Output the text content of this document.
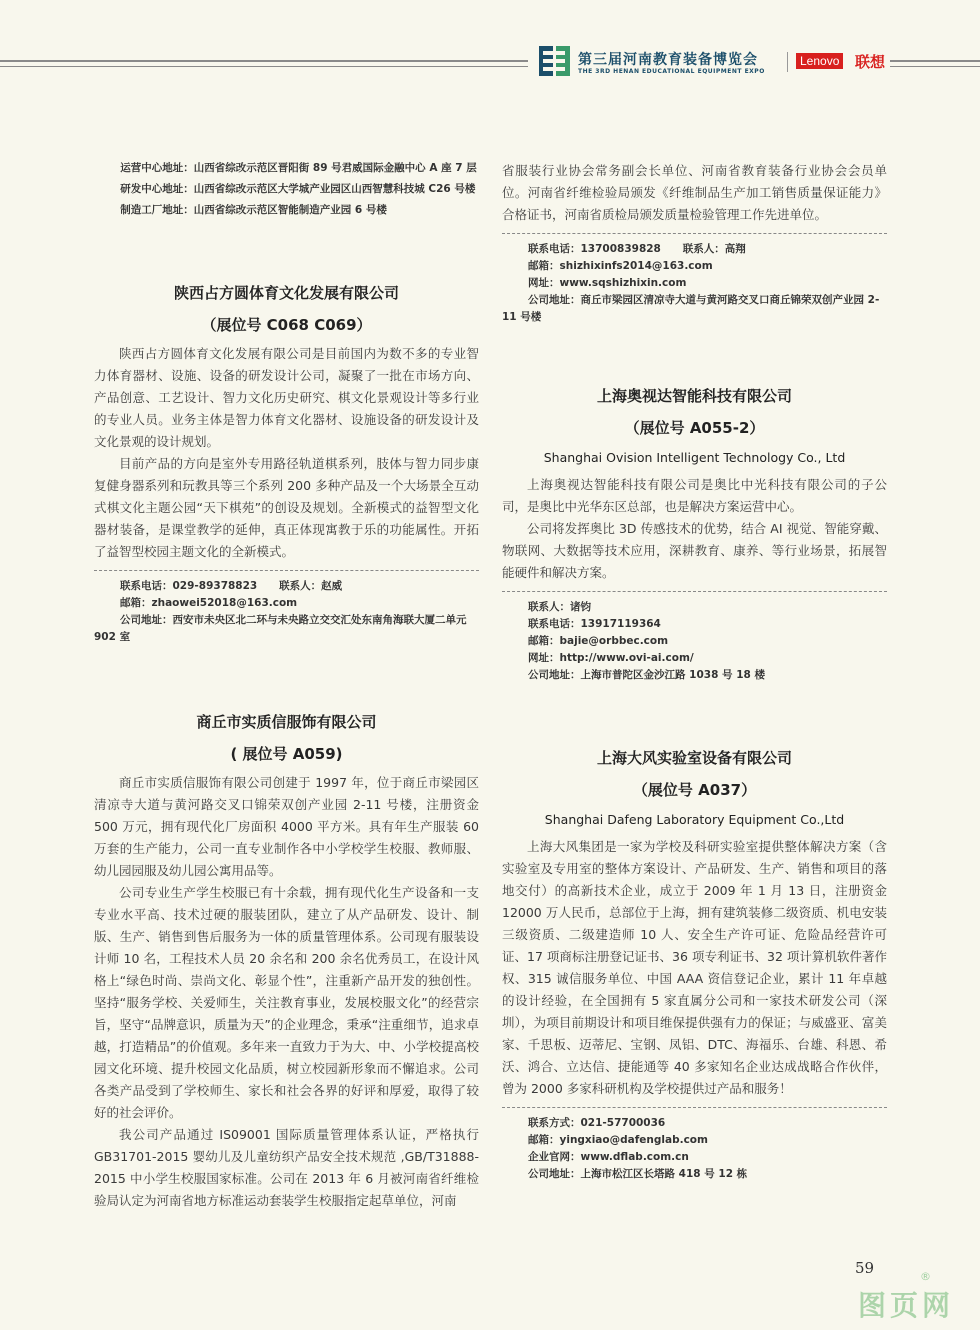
第三届河南教育装备博览会
THE 3RD HENAN EDUCATIONAL EQUIPMENT EXPO
Lenovo 联想
运营中心地址：山西省综改示范区晋阳街 89 号君威国际金融中心 A 座 7 层
研发中心地址：山西省综改示范区大学城产业园区山西智慧科技城 C26 号楼
制造工厂地址：山西省综改示范区智能制造产业园 6 号楼
陕西占方圆体育文化发展有限公司
（展位号 C068 C069）

陕西占方圆体育文化发展有限公司是目前国内为数不多的专业智力体育器材、设施、设备的研发设计公司，凝聚了一批在市场方向、产品创意、工艺设计、智力文化历史研究、棋文化景观设计等多行业的专业人员。业务主体是智力体育文化器材、设施设备的研发设计及文化景观的设计规划。

目前产品的方向是室外专用路径轨道棋系列，肢体与智力同步康复健身器系列和玩教具等三个系列 200 多种产品及一个大场景全互动式棋文化主题公园“天下棋苑”的创设及规划。全新模式的益智型文化器材装备，是课堂教学的延伸，真正体现寓教于乐的功能属性。开拓了益智型校园主题文化的全新模式。

联系电话：029-89378823      联系人：赵威
邮箱：zhaowei52018@163.com
公司地址：西安市未央区北二环与未央路立交交汇处东南角海联大厦二单元 902 室
商丘市实质信服饰有限公司
( 展位号 A059)

商丘市实质信服饰有限公司创建于 1997 年，位于商丘市梁园区清凉寺大道与黄河路交叉口锦荣双创产业园 2-11 号楼，注册资金 500 万元，拥有现代化厂房面积 4000 平方米。具有年生产服装 60 万套的生产能力，公司一直专业制作各中小学校学生校服、教师服、幼儿园园服及幼儿园公寓用品等。

公司专业生产学生校服已有十余载，拥有现代化生产设备和一支专业水平高、技术过硬的服装团队，建立了从产品研发、设计、制版、生产、销售到售后服务为一体的质量管理体系。公司现有服装设计师 10 名，工程技术人员 20 余名和 200 余名优秀员工，在设计风格上“绿色时尚、崇尚文化、彰显个性”，注重新产品开发的独创性。坚持“服务学校、关爱师生，关注教育事业，发展校服文化”的经营宗旨，坚守“品牌意识，质量为天”的企业理念，秉承“注重细节，追求卓越，打造精品”的价值观。多年来一直致力于为大、中、小学校提高校园文化环境、提升校园文化品质，树立校园新形象而不懈追求。公司各类产品受到了学校师生、家长和社会各界的好评和厚爱，取得了较好的社会评价。

我公司产品通过 IS09001 国际质量管理体系认证，严格执行GB31701-2015 婴幼儿及儿童纺织产品安全技术规范 ,GB/T31888-2015 中小学生校服国家标准。公司在 2013 年 6 月被河南省纤维检验局认定为河南省地方标准运动套装学生校服指定起草单位，河南

省服装行业协会常务副会长单位、河南省教育装备行业协会会员单位。河南省纤维检验局颁发《纤维制品生产加工销售质量保证能力》合格证书，河南省质检局颁发质量检验管理工作先进单位。

联系电话：13700839828      联系人：高翔
邮箱：shizhixinfs2014@163.com
网址：www.sqshizhixin.com
公司地址：商丘市梁园区清凉寺大道与黄河路交叉口商丘锦荣双创产业园 2-11 号楼
上海奥视达智能科技有限公司
（展位号 A055-2）
Shanghai Ovision Intelligent Technology Co., Ltd

上海奥视达智能科技有限公司是奥比中光科技有限公司的子公司，是奥比中光华东区总部，也是解决方案运营中心。

公司将发挥奥比 3D 传感技术的优势，结合 AI 视觉、智能穿戴、物联网、大数据等技术应用，深耕教育、康养、等行业场景，拓展智能硬件和解决方案。

联系人：诸钧
联系电话：13917119364
邮箱：bajie@orbbec.com
网址：http://www.ovi-ai.com/
公司地址：上海市普陀区金沙江路 1038 号 18 楼
上海大风实验室设备有限公司
（展位号 A037）
Shanghai Dafeng Laboratory Equipment Co.,Ltd

上海大风集团是一家为学校及科研实验室提供整体解决方案（含实验室及专用室的整体方案设计、产品研发、生产、销售和项目的落地交付）的高新技术企业，成立于 2009 年 1 月 13 日，注册资金 12000 万人民币，总部位于上海，拥有建筑装修二级资质、机电安装三级资质、二级建造师 10 人、安全生产许可证、危险品经营许可证、17 项商标注册登记证书、36 项专利证书、32 项计算机软件著作权、315 诚信服务单位、中国 AAA 资信登记企业，累计 11 年卓越的设计经验，在全国拥有 5 家直属分公司和一家技术研发公司（深圳），为项目前期设计和项目维保提供强有力的保证；与威盛亚、富美家、千思板、迈蒂尼、宝钢、凤铝、DTC、海福乐、台雄、科恩、希沃、鸿合、立达信、捷能通等 40 多家知名企业达成战略合作伙伴，曾为 2000 多家科研机构及学校提供过产品和服务！

联系方式：021-57700036
邮箱：yingxiao@dafenglab.com
企业官网：www.dflab.com.cn
公司地址：上海市松江区长塔路 418 号 12 栋
59
图页网
®
